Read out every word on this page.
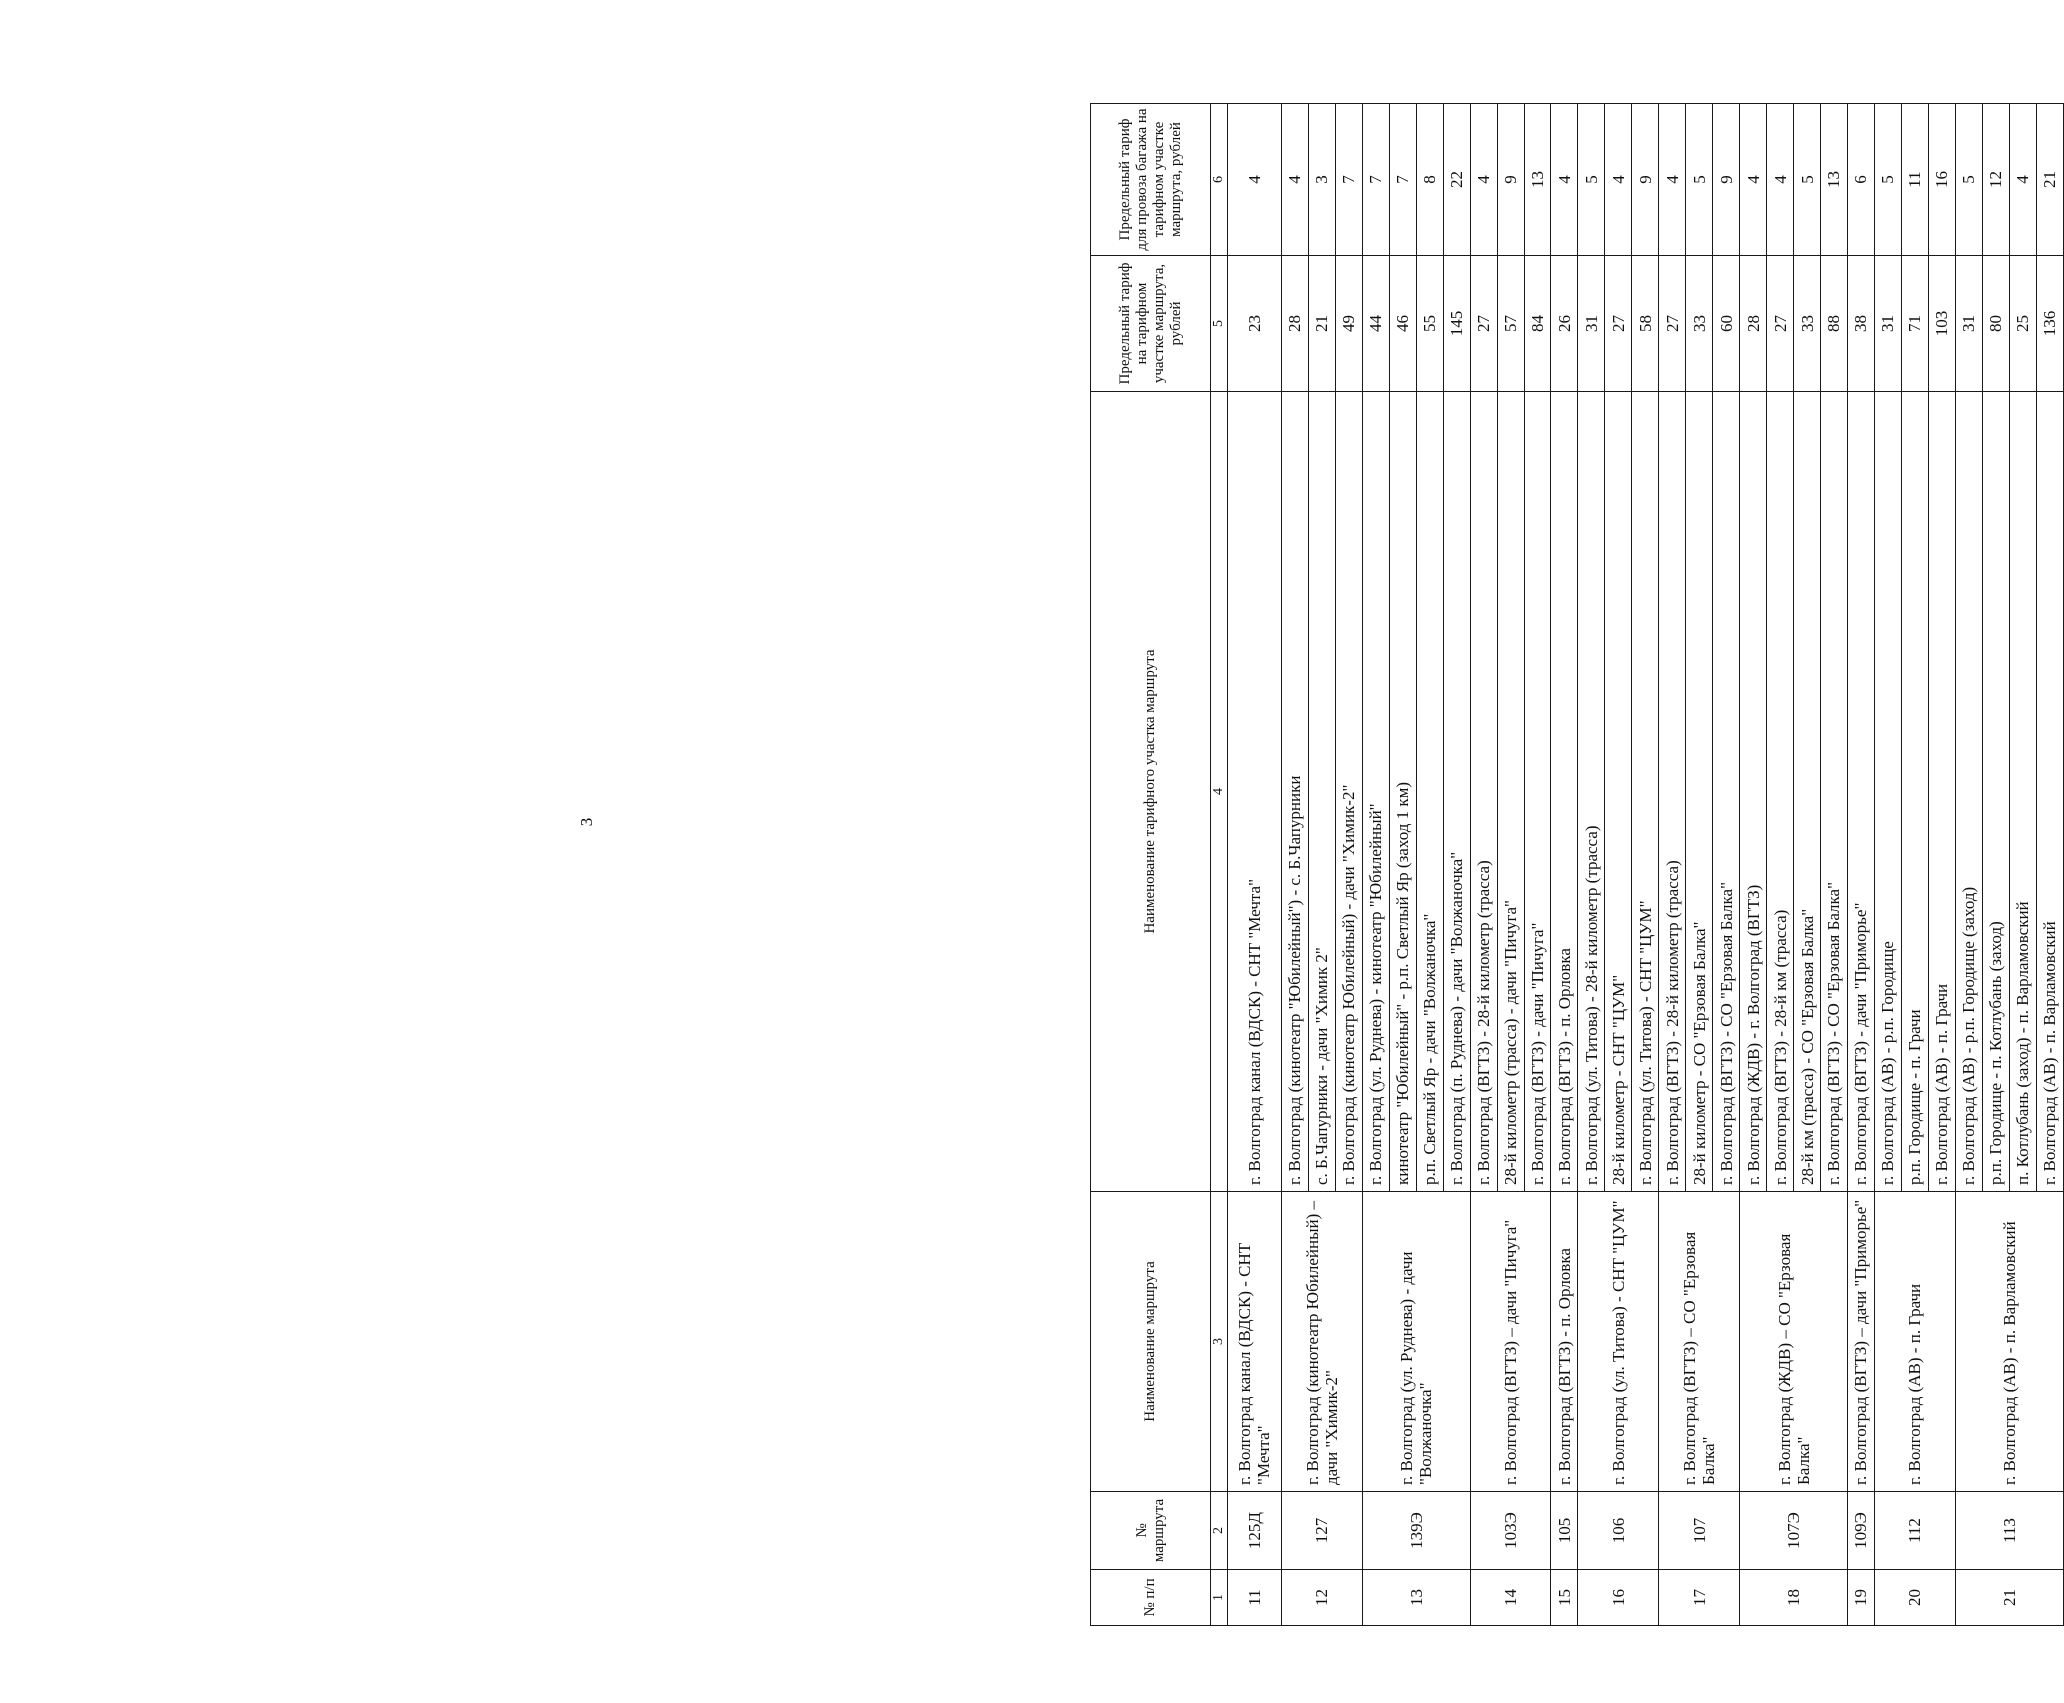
3
№ п/п	№ маршрута	Наименование маршрута	Наименование тарифного участка маршрута	Предельный тариф на тарифном участке маршрута, рублей	Предельный тариф для провоза багажа на тарифном участке маршрута, рублей
1	2	3	4	5	6
11	125Д	г. Волгоград канал (ВДСК) - СНТ "Мечта"	г. Волгоград канал (ВДСК) - СНТ "Мечта"	23	4
12	127	г. Волгоград (кинотеатр Юбилейный) – дачи "Химик-2"	г. Волгоград (кинотеатр "Юбилейный") - с. Б.Чапурники	28	4
			с. Б.Чапурники - дачи "Химик 2"	21	3
			г. Волгоград (кинотеатр Юбилейный) - дачи "Химик-2"	49	7
13	139Э	г. Волгоград (ул. Руднева) - дачи "Волжаночка"	г. Волгоград (ул. Руднева) - кинотеатр "Юбилейный"	44	7
			кинотеатр "Юбилейный" - р.п. Светлый Яр (заход 1 км)	46	7
			р.п. Светлый Яр - дачи "Волжаночка"	55	8
			г. Волгоград (п. Руднева) - дачи "Волжаночка"	145	22
14	103Э	г. Волгоград (ВГТЗ) – дачи "Пичуга"	г. Волгоград (ВГТЗ) - 28-й километр (трасса)	27	4
			28-й километр (трасса) - дачи "Пичуга"	57	9
			г. Волгоград (ВГТЗ) - дачи "Пичуга"	84	13
15	105	г. Волгоград (ВГТЗ) - п. Орловка	г. Волгоград (ВГТЗ) - п. Орловка	26	4
16	106	г. Волгоград (ул. Титова) - СНТ "ЦУМ"	г. Волгоград (ул. Титова) - 28-й километр (трасса)	31	5
			28-й километр - СНТ "ЦУМ"	27	4
			г. Волгоград (ул. Титова) - СНТ "ЦУМ"	58	9
17	107	г. Волгоград (ВГТЗ) – СО "Ерзовая Балка"	г. Волгоград (ВГТЗ) - 28-й километр (трасса)	27	4
			28-й километр - СО "Ерзовая Балка"	33	5
			г. Волгоград (ВГТЗ) - СО "Ерзовая Балка"	60	9
18	107Э	г. Волгоград (ЖДВ) – СО "Ерзовая Балка"	г. Волгоград (ЖДВ) - г. Волгоград (ВГТЗ)	28	4
			г. Волгоград (ВГТЗ) - 28-й км (трасса)	27	4
			28-й км (трасса) - СО "Ерзовая Балка"	33	5
			г. Волгоград (ВГТЗ) - СО "Ерзовая Балка"	88	13
19	109Э	г. Волгоград (ВГТЗ) – дачи "Приморье"	г. Волгоград (ВГТЗ) - дачи "Приморье"	38	6
20	112	г. Волгоград (АВ) - п. Грачи	г. Волгоград (АВ) - р.п. Городище	31	5
			р.п. Городище - п. Грачи	71	11
			г. Волгоград (АВ) - п. Грачи	103	16
21	113	г. Волгоград (АВ) - п. Варламовский	г. Волгоград (АВ) - р.п. Городище (заход)	31	5
			р.п. Городище - п. Котлубань (заход)	80	12
			п. Котлубань (заход) - п. Варламовский	25	4
			г. Волгоград (АВ) - п. Варламовский	136	21
